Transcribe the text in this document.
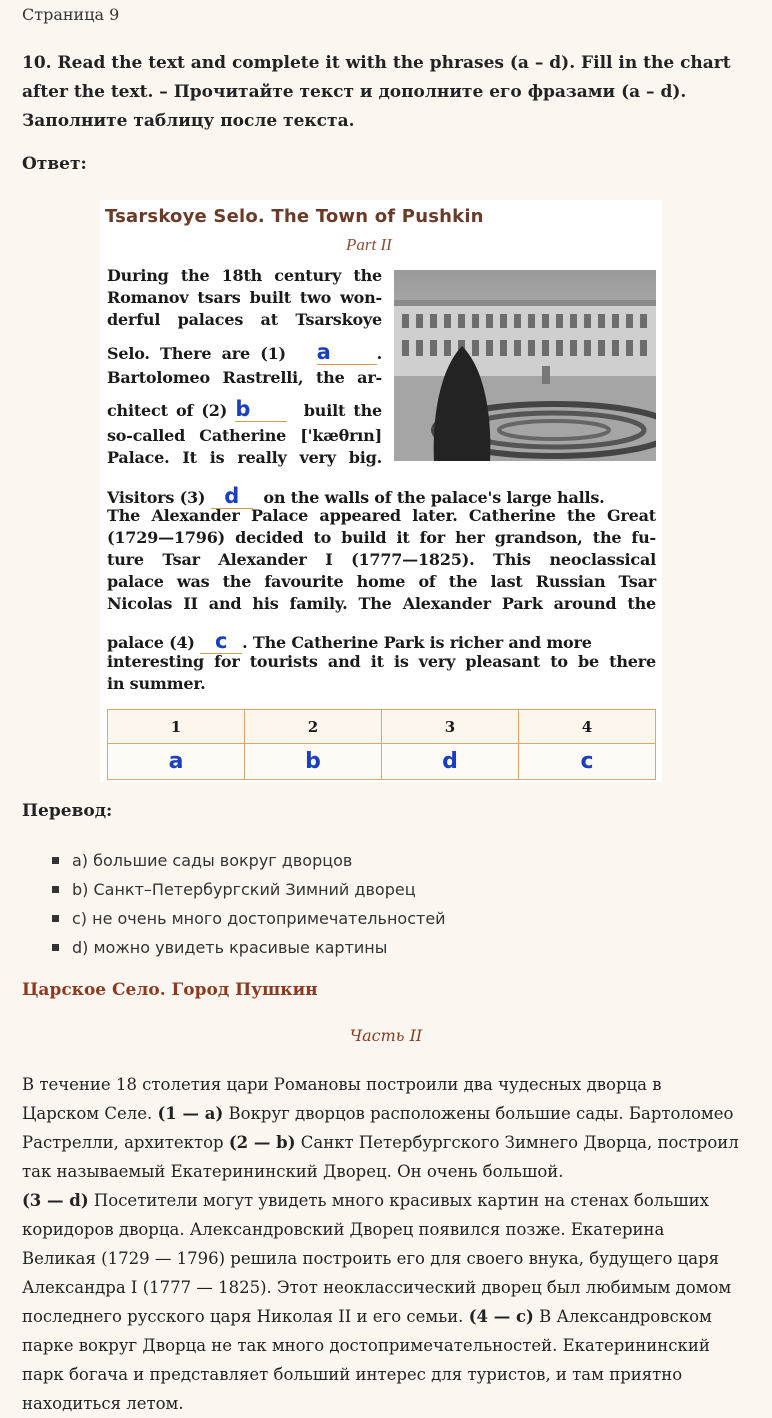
Страница 9
10. Read the text and complete it with the phrases (a – d). Fill in the chart after the text. – Прочитайте текст и дополните его фразами (a – d). Заполните таблицу после текста.
Ответ:
Tsarskoye Selo. The Town of Pushkin
Part II
During the 18th century the
Romanov tsars built two won-
derful palaces at Tsarskoye
Selo. There are (1) a	.
Bartolomeo Rastrelli, the ar-
chitect of (2) b	built the
so-called Catherine ['kæθrın]
Palace. It is really very big.
Visitors (3) d on the walls of the palace's large halls.
The Alexander Palace appeared later. Catherine the Great
(1729—1796) decided to build it for her grandson, the fu-
ture Tsar Alexander I (1777—1825). This neoclassical
palace was the favourite home of the last Russian Tsar
Nicolas II and his family. The Alexander Park around the
palace (4) c . The Catherine Park is richer and more
interesting for tourists and it is very pleasant to be there
in summer.
1	2	3	4
a	b	d	c
Перевод:
a) большие сады вокруг дворцов
b) Санкт–Петербургский Зимний дворец
c) не очень много достопримечательностей
d) можно увидеть красивые картины
Царское Село. Город Пушкин
Часть II
В течение 18 столетия цари Романовы построили два чудесных дворца в Царском Селе. (1 — a) Вокруг дворцов расположены большие сады. Бартоломео Растрелли, архитектор (2 — b) Санкт Петербургского Зимнего Дворца, построил так называемый Екатерининский Дворец. Он очень большой.
(3 — d) Посетители могут увидеть много красивых картин на стенах больших коридоров дворца. Александровский Дворец появился позже. Екатерина Великая (1729 — 1796) решила построить его для своего внука, будущего царя Александра I (1777 — 1825). Этот неоклассический дворец был любимым домом последнего русского царя Николая II и его семьи. (4 — c) В Александровском парке вокруг Дворца не так много достопримечательностей. Екатерининский парк богача и представляет больший интерес для туристов, и там приятно находиться летом.
